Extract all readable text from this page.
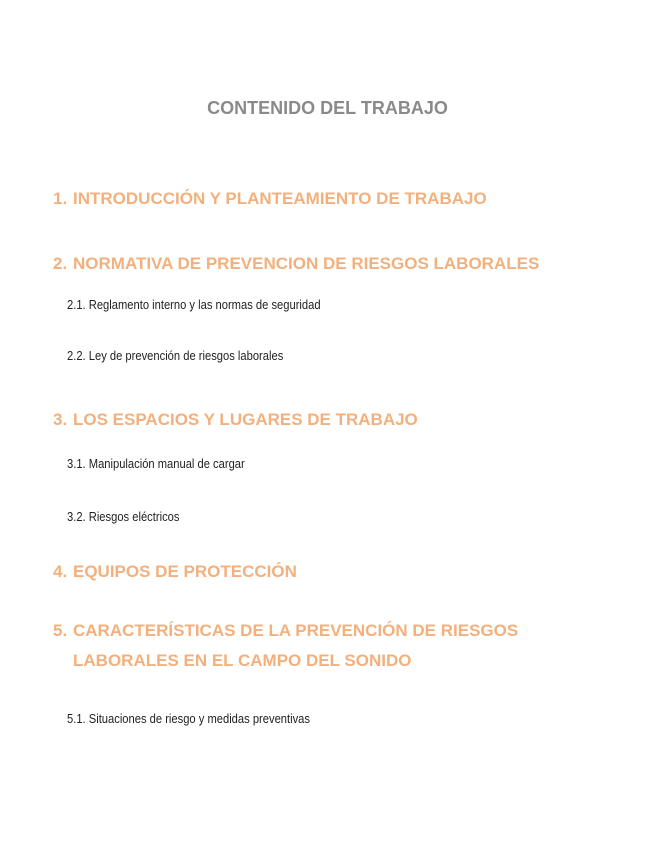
CONTENIDO DEL TRABAJO
1. INTRODUCCIÓN Y PLANTEAMIENTO DE TRABAJO
2. NORMATIVA DE PREVENCION DE RIESGOS LABORALES
2.1. Reglamento interno y las normas de seguridad
2.2. Ley de prevención de riesgos laborales
3. LOS ESPACIOS Y LUGARES DE TRABAJO
3.1. Manipulación manual de cargar
3.2. Riesgos eléctricos
4. EQUIPOS DE PROTECCIÓN
5. CARACTERÍSTICAS DE LA PREVENCIÓN DE RIESGOS
LABORALES EN EL CAMPO DEL SONIDO
5.1. Situaciones de riesgo y medidas preventivas
